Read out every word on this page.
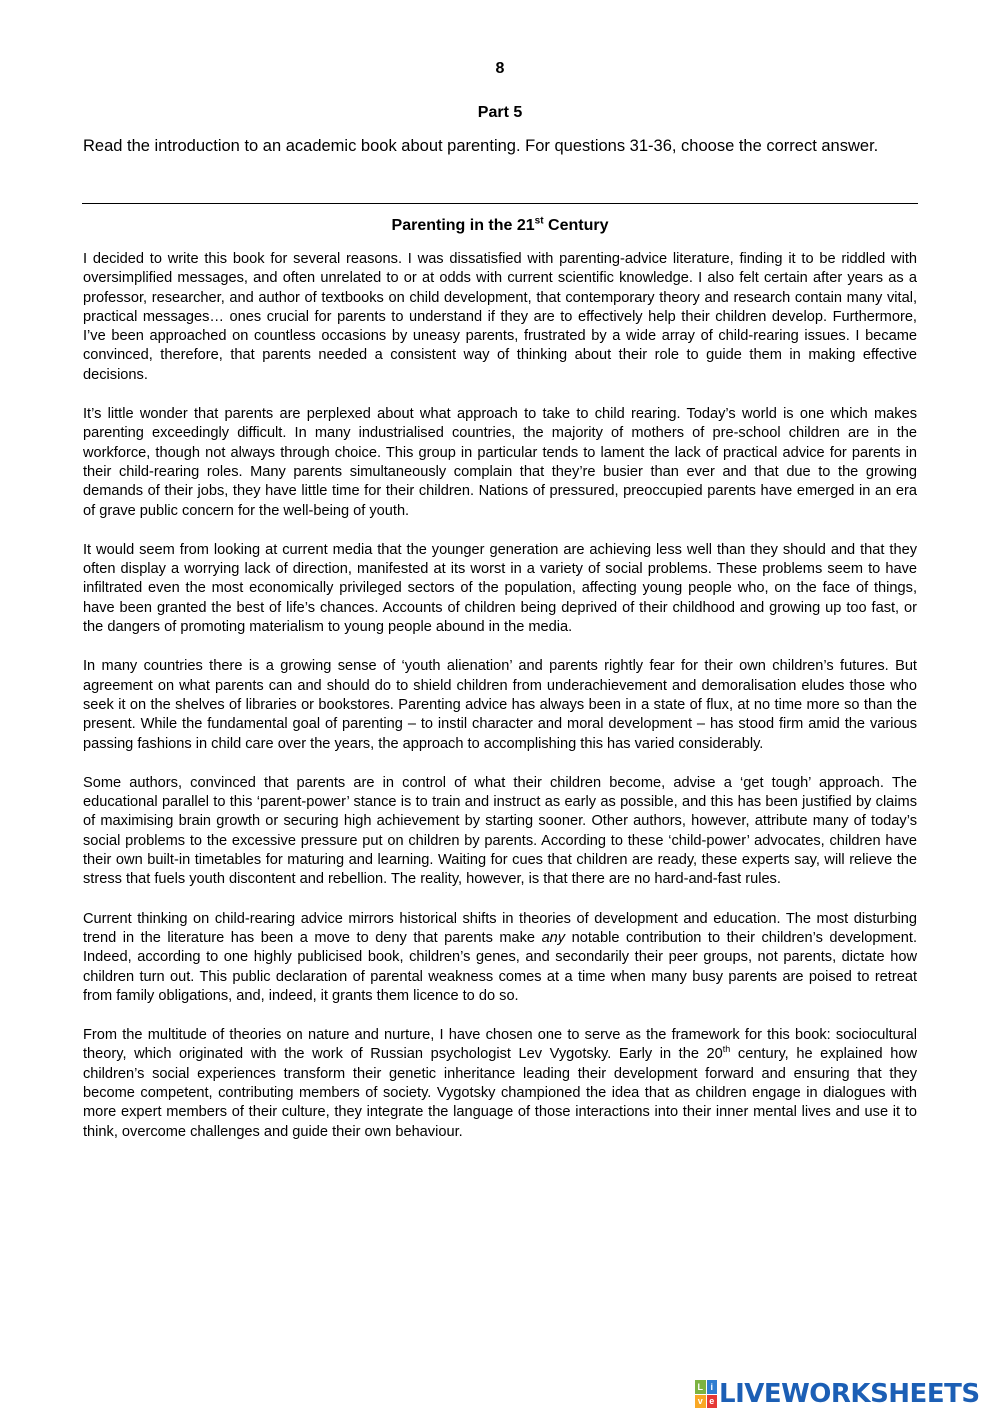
8
Part 5
Read the introduction to an academic book about parenting. For questions 31-36, choose the correct answer.
Parenting in the 21st Century

I decided to write this book for several reasons. I was dissatisfied with parenting-advice literature, finding it to be riddled with oversimplified messages, and often unrelated to or at odds with current scientific knowledge. I also felt certain after years as a professor, researcher, and author of textbooks on child development, that contemporary theory and research contain many vital, practical messages… ones crucial for parents to understand if they are to effectively help their children develop. Furthermore, I’ve been approached on countless occasions by uneasy parents, frustrated by a wide array of child-rearing issues. I became convinced, therefore, that parents needed a consistent way of thinking about their role to guide them in making effective decisions.

It’s little wonder that parents are perplexed about what approach to take to child rearing. Today’s world is one which makes parenting exceedingly difficult. In many industrialised countries, the majority of mothers of pre-school children are in the workforce, though not always through choice. This group in particular tends to lament the lack of practical advice for parents in their child-rearing roles. Many parents simultaneously complain that they’re busier than ever and that due to the growing demands of their jobs, they have little time for their children. Nations of pressured, preoccupied parents have emerged in an era of grave public concern for the well-being of youth.

It would seem from looking at current media that the younger generation are achieving less well than they should and that they often display a worrying lack of direction, manifested at its worst in a variety of social problems. These problems seem to have infiltrated even the most economically privileged sectors of the population, affecting young people who, on the face of things, have been granted the best of life’s chances. Accounts of children being deprived of their childhood and growing up too fast, or the dangers of promoting materialism to young people abound in the media.

In many countries there is a growing sense of ‘youth alienation’ and parents rightly fear for their own children’s futures. But agreement on what parents can and should do to shield children from underachievement and demoralisation eludes those who seek it on the shelves of libraries or bookstores. Parenting advice has always been in a state of flux, at no time more so than the present. While the fundamental goal of parenting – to instil character and moral development – has stood firm amid the various passing fashions in child care over the years, the approach to accomplishing this has varied considerably.

Some authors, convinced that parents are in control of what their children become, advise a ‘get tough’ approach. The educational parallel to this ‘parent-power’ stance is to train and instruct as early as possible, and this has been justified by claims of maximising brain growth or securing high achievement by starting sooner. Other authors, however, attribute many of today’s social problems to the excessive pressure put on children by parents. According to these ‘child-power’ advocates, children have their own built-in timetables for maturing and learning. Waiting for cues that children are ready, these experts say, will relieve the stress that fuels youth discontent and rebellion. The reality, however, is that there are no hard-and-fast rules.

Current thinking on child-rearing advice mirrors historical shifts in theories of development and education. The most disturbing trend in the literature has been a move to deny that parents make any notable contribution to their children’s development. Indeed, according to one highly publicised book, children’s genes, and secondarily their peer groups, not parents, dictate how children turn out. This public declaration of parental weakness comes at a time when many busy parents are poised to retreat from family obligations, and, indeed, it grants them licence to do so.

From the multitude of theories on nature and nurture, I have chosen one to serve as the framework for this book: sociocultural theory, which originated with the work of Russian psychologist Lev Vygotsky. Early in the 20th century, he explained how children’s social experiences transform their genetic inheritance leading their development forward and ensuring that they become competent, contributing members of society. Vygotsky championed the idea that as children engage in dialogues with more expert members of their culture, they integrate the language of those interactions into their inner mental lives and use it to think, overcome challenges and guide their own behaviour.

L i
v e LIVEWORKSHEETS
